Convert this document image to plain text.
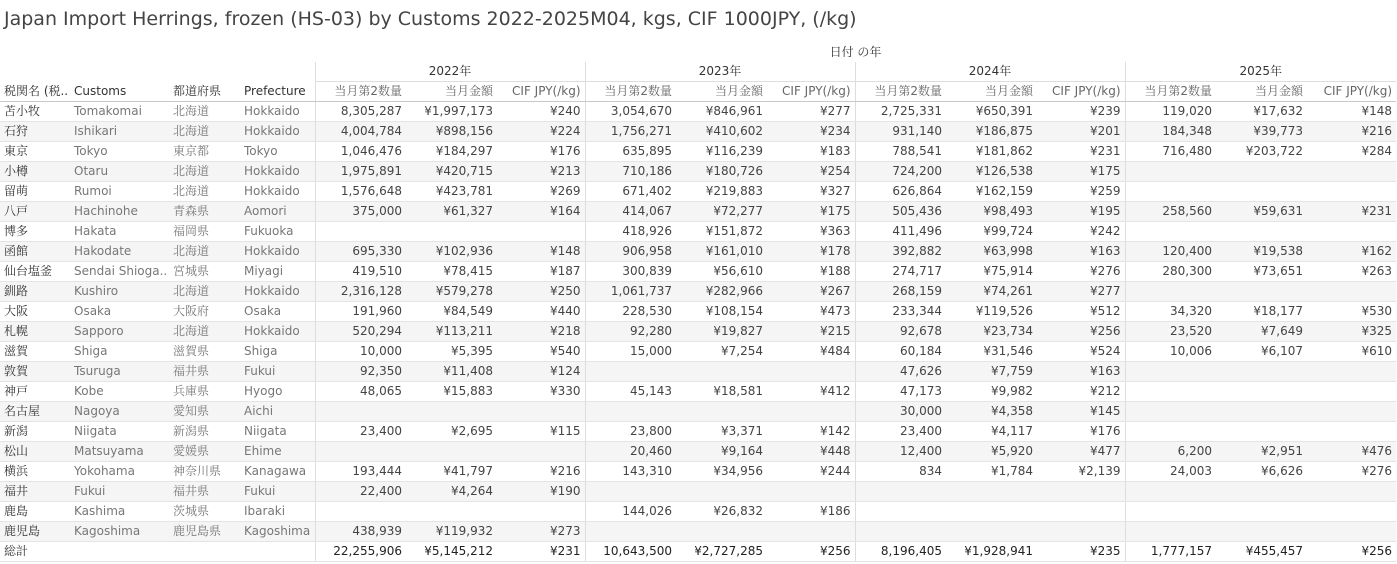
Japan Import Herrings, frozen (HS-03) by Customs 2022-2025M04, kgs, CIF 1000JPY, (/kg)
				日付 の年											
				2022年			2023年			2024年			2025年		
税関名 (税..	Customs	都道府県	Prefecture	当月第2数量	当月金額	CIF JPY(/kg)	当月第2数量	当月金額	CIF JPY(/kg)	当月第2数量	当月金額	CIF JPY(/kg)	当月第2数量	当月金額	CIF JPY(/kg)
苫小牧	Tomakomai	北海道	Hokkaido	8,305,287	¥1,997,173	¥240	3,054,670	¥846,961	¥277	2,725,331	¥650,391	¥239	119,020	¥17,632	¥148
石狩	Ishikari	北海道	Hokkaido	4,004,784	¥898,156	¥224	1,756,271	¥410,602	¥234	931,140	¥186,875	¥201	184,348	¥39,773	¥216
東京	Tokyo	東京都	Tokyo	1,046,476	¥184,297	¥176	635,895	¥116,239	¥183	788,541	¥181,862	¥231	716,480	¥203,722	¥284
小樽	Otaru	北海道	Hokkaido	1,975,891	¥420,715	¥213	710,186	¥180,726	¥254	724,200	¥126,538	¥175			
留萌	Rumoi	北海道	Hokkaido	1,576,648	¥423,781	¥269	671,402	¥219,883	¥327	626,864	¥162,159	¥259			
八戸	Hachinohe	青森県	Aomori	375,000	¥61,327	¥164	414,067	¥72,277	¥175	505,436	¥98,493	¥195	258,560	¥59,631	¥231
博多	Hakata	福岡県	Fukuoka				418,926	¥151,872	¥363	411,496	¥99,724	¥242			
函館	Hakodate	北海道	Hokkaido	695,330	¥102,936	¥148	906,958	¥161,010	¥178	392,882	¥63,998	¥163	120,400	¥19,538	¥162
仙台塩釜	Sendai Shioga..	宮城県	Miyagi	419,510	¥78,415	¥187	300,839	¥56,610	¥188	274,717	¥75,914	¥276	280,300	¥73,651	¥263
釧路	Kushiro	北海道	Hokkaido	2,316,128	¥579,278	¥250	1,061,737	¥282,966	¥267	268,159	¥74,261	¥277			
大阪	Osaka	大阪府	Osaka	191,960	¥84,549	¥440	228,530	¥108,154	¥473	233,344	¥119,526	¥512	34,320	¥18,177	¥530
札幌	Sapporo	北海道	Hokkaido	520,294	¥113,211	¥218	92,280	¥19,827	¥215	92,678	¥23,734	¥256	23,520	¥7,649	¥325
滋賀	Shiga	滋賀県	Shiga	10,000	¥5,395	¥540	15,000	¥7,254	¥484	60,184	¥31,546	¥524	10,006	¥6,107	¥610
敦賀	Tsuruga	福井県	Fukui	92,350	¥11,408	¥124				47,626	¥7,759	¥163			
神戸	Kobe	兵庫県	Hyogo	48,065	¥15,883	¥330	45,143	¥18,581	¥412	47,173	¥9,982	¥212			
名古屋	Nagoya	愛知県	Aichi							30,000	¥4,358	¥145			
新潟	Niigata	新潟県	Niigata	23,400	¥2,695	¥115	23,800	¥3,371	¥142	23,400	¥4,117	¥176			
松山	Matsuyama	愛媛県	Ehime				20,460	¥9,164	¥448	12,400	¥5,920	¥477	6,200	¥2,951	¥476
横浜	Yokohama	神奈川県	Kanagawa	193,444	¥41,797	¥216	143,310	¥34,956	¥244	834	¥1,784	¥2,139	24,003	¥6,626	¥276
福井	Fukui	福井県	Fukui	22,400	¥4,264	¥190									
鹿島	Kashima	茨城県	Ibaraki				144,026	¥26,832	¥186						
鹿児島	Kagoshima	鹿児島県	Kagoshima	438,939	¥119,932	¥273									
総計				22,255,906	¥5,145,212	¥231	10,643,500	¥2,727,285	¥256	8,196,405	¥1,928,941	¥235	1,777,157	¥455,457	¥256
